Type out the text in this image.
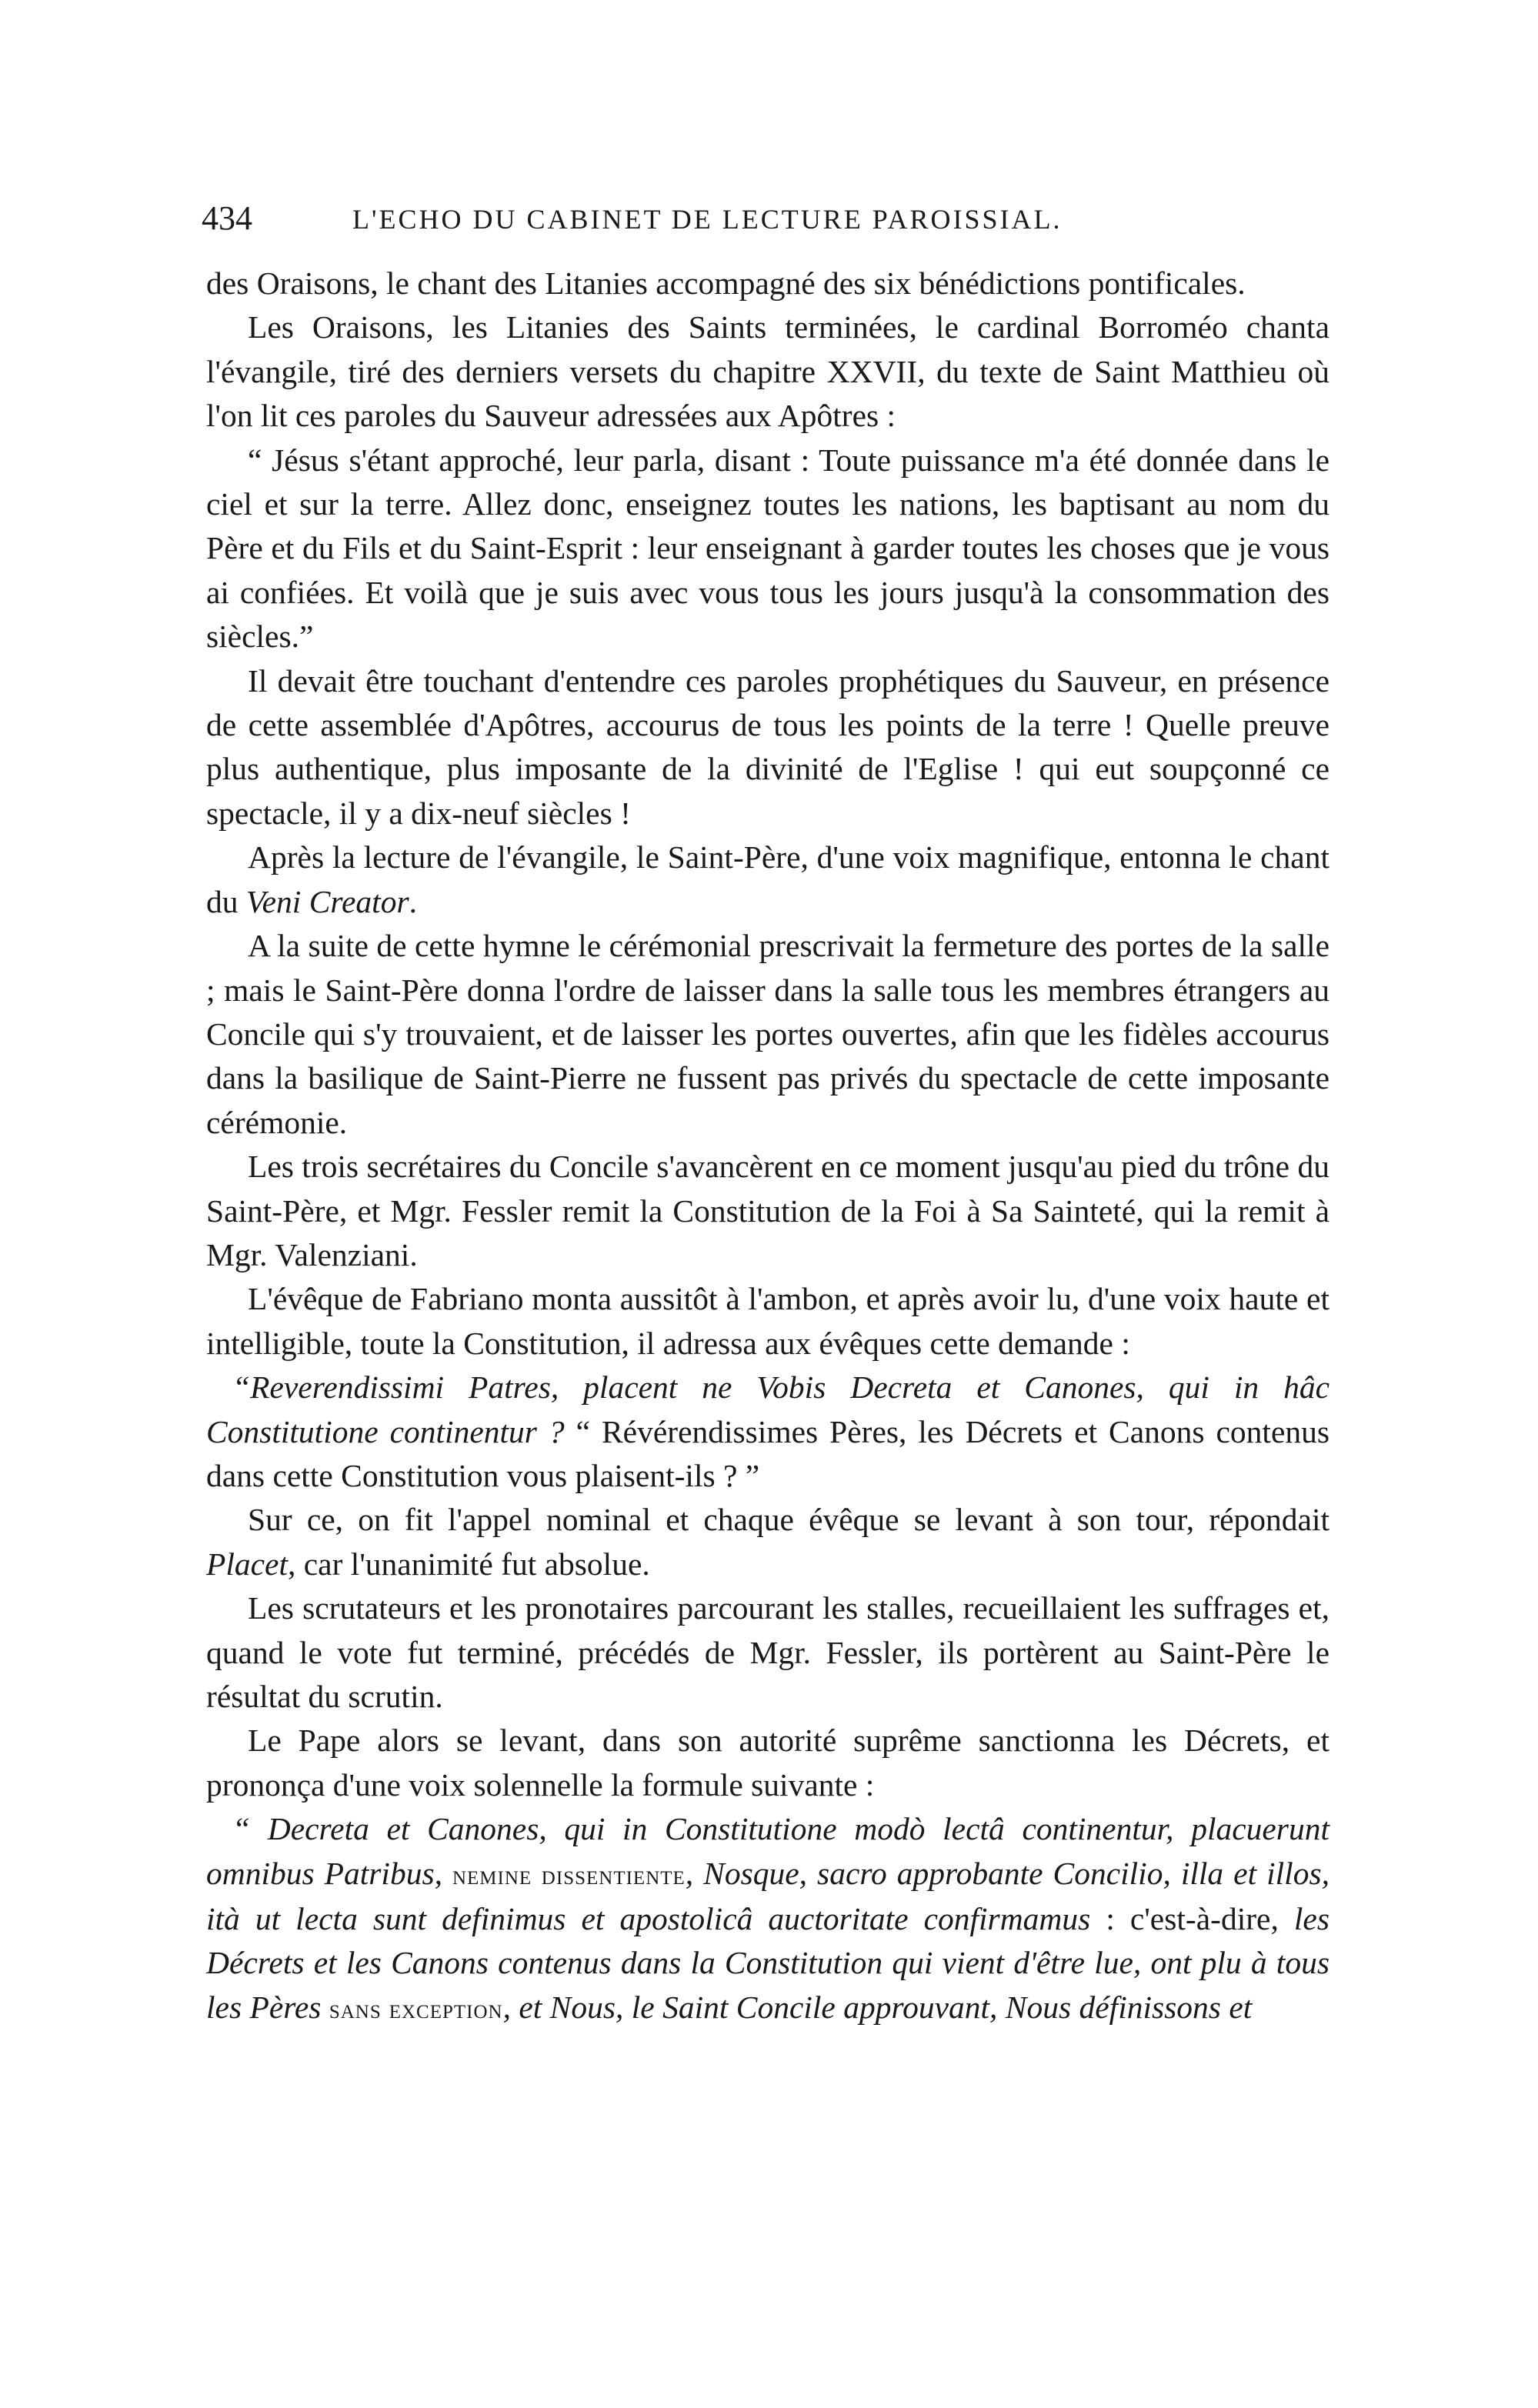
434	L'ECHO DU CABINET DE LECTURE PAROISSIAL.

des Oraisons, le chant des Litanies accompagné des six bénédictions pontificales.

Les Oraisons, les Litanies des Saints terminées, le cardinal Borroméo chanta l'évangile, tiré des derniers versets du chapitre XXVII, du texte de Saint Matthieu où l'on lit ces paroles du Sauveur adressées aux Apôtres :

“ Jésus s'étant approché, leur parla, disant : Toute puissance m'a été donnée dans le ciel et sur la terre. Allez donc, enseignez toutes les nations, les baptisant au nom du Père et du Fils et du Saint-Esprit : leur enseignant à garder toutes les choses que je vous ai confiées. Et voilà que je suis avec vous tous les jours jusqu'à la consommation des siècles.”

Il devait être touchant d'entendre ces paroles prophétiques du Sauveur, en présence de cette assemblée d'Apôtres, accourus de tous les points de la terre ! Quelle preuve plus authentique, plus imposante de la divinité de l'Eglise ! qui eut soupçonné ce spectacle, il y a dix-neuf siècles !

Après la lecture de l'évangile, le Saint-Père, d'une voix magnifique, entonna le chant du Veni Creator.

A la suite de cette hymne le cérémonial prescrivait la fermeture des portes de la salle ; mais le Saint-Père donna l'ordre de laisser dans la salle tous les membres étrangers au Concile qui s'y trouvaient, et de laisser les portes ouvertes, afin que les fidèles accourus dans la basilique de Saint-Pierre ne fussent pas privés du spectacle de cette imposante cérémonie.

Les trois secrétaires du Concile s'avancèrent en ce moment jusqu'au pied du trône du Saint-Père, et Mgr. Fessler remit la Constitution de la Foi à Sa Sainteté, qui la remit à Mgr. Valenziani.

L'évêque de Fabriano monta aussitôt à l'ambon, et après avoir lu, d'une voix haute et intelligible, toute la Constitution, il adressa aux évêques cette demande :

“Reverendissimi Patres, placent ne Vobis Decreta et Canones, qui in hâc Constitutione continentur ? “ Révérendissimes Pères, les Décrets et Canons contenus dans cette Constitution vous plaisent-ils ? ”

Sur ce, on fit l'appel nominal et chaque évêque se levant à son tour, répondait Placet, car l'unanimité fut absolue.

Les scrutateurs et les pronotaires parcourant les stalles, recueillaient les suffrages et, quand le vote fut terminé, précédés de Mgr. Fessler, ils portèrent au Saint-Père le résultat du scrutin.

Le Pape alors se levant, dans son autorité suprême sanctionna les Décrets, et prononça d'une voix solennelle la formule suivante :

“ Decreta et Canones, qui in Constitutione modò lectâ continentur, placuerunt omnibus Patribus, nemine dissentiente, Nosque, sacro approbante Concilio, illa et illos, ità ut lecta sunt definimus et apostolicâ auctoritate confirmamus : c'est-à-dire, les Décrets et les Canons contenus dans la Constitution qui vient d'être lue, ont plu à tous les Pères sans exception, et Nous, le Saint Concile approuvant, Nous définissons et
